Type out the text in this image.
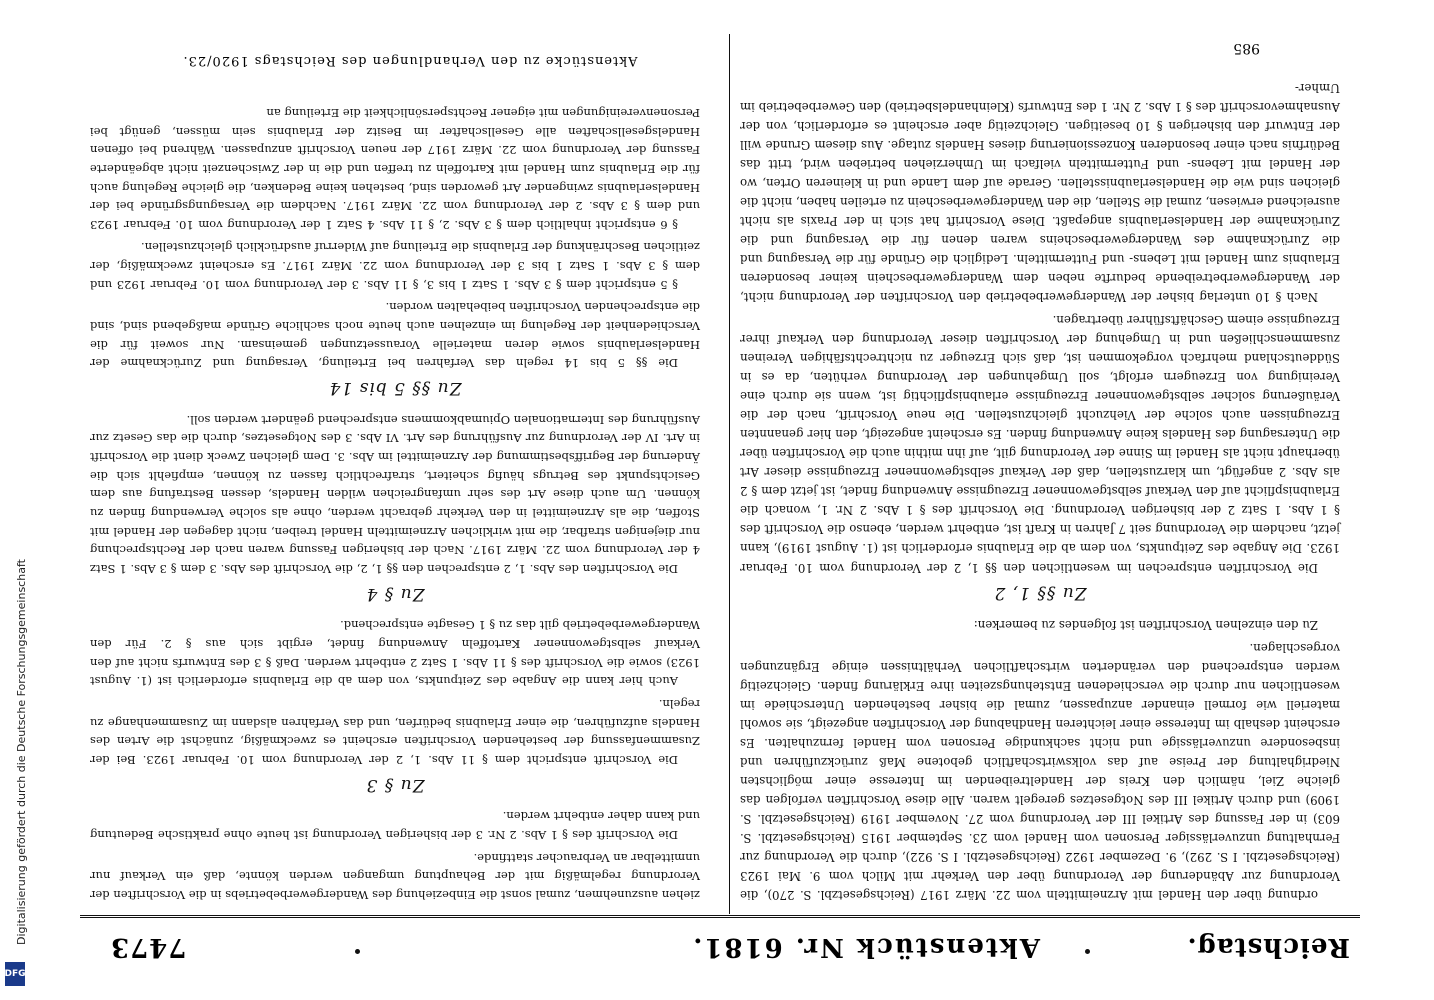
Reichstag.
Aktenstück Nr. 6181.
7473

ordnung über den Handel mit Arzneimitteln vom 22. März 1917 (Reichsgesetzbl. S. 270), die Verordnung zur Abänderung der Verordnung über den Verkehr mit Milch vom 9. Mai 1923 (Reichsgesetzbl. I S. 292), 9. Dezember 1922 (Reichsgesetzbl. I S. 922), durch die Verordnung zur Fernhaltung unzuverlässiger Personen vom Handel vom 23. September 1915 (Reichsgesetzbl. S. 603) in der Fassung des Artikel III der Verordnung vom 27. November 1919 (Reichsgesetzbl. S. 1909) und durch Artikel III des Notgesetzes geregelt waren. Alle diese Vorschriften verfolgen das gleiche Ziel, nämlich den Kreis der Handeltreibenden im Interesse einer möglichsten Niedrighaltung der Preise auf das volkswirtschaftlich gebotene Maß zurückzuführen und insbesondere unzuverlässige und nicht sachkundige Personen vom Handel fernzuhalten. Es erscheint deshalb im Interesse einer leichteren Handhabung der Vorschriften angezeigt, sie sowohl materiell wie formell einander anzupassen, zumal die bisher bestehenden Unterschiede im wesentlichen nur durch die verschiedenen Entstehungszeiten ihre Erklärung finden. Gleichzeitig werden entsprechend den veränderten wirtschaftlichen Verhältnissen einige Ergänzungen vorgeschlagen.

Zu den einzelnen Vorschriften ist folgendes zu bemerken:

Zu §§ 1, 2

Die Vorschriften entsprechen im wesentlichen den §§ 1, 2 der Verordnung vom 10. Februar 1923. Die Angabe des Zeitpunkts, von dem ab die Erlaubnis erforderlich ist (1. August 1919), kann jetzt, nachdem die Verordnung seit 7 Jahren in Kraft ist, entbehrt werden, ebenso die Vorschrift des § 1 Abs. 1 Satz 2 der bisherigen Verordnung. Die Vorschrift des § 1 Abs. 2 Nr. 1, wonach die Erlaubnispflicht auf den Verkauf selbstgewonnener Erzeugnisse Anwendung findet, ist jetzt dem § 2 als Abs. 2 angefügt, um klarzustellen, daß der Verkauf selbstgewonnener Erzeugnisse dieser Art überhaupt nicht als Handel im Sinne der Verordnung gilt, auf ihn mithin auch die Vorschriften über die Untersagung des Handels keine Anwendung finden. Es erscheint angezeigt, den hier genannten Erzeugnissen auch solche der Viehzucht gleichzustellen. Die neue Vorschrift, nach der die Veräußerung solcher selbstgewonnener Erzeugnisse erlaubnispflichtig ist, wenn sie durch eine Vereinigung von Erzeugern erfolgt, soll Umgehungen der Verordnung verhüten, da es in Süddeutschland mehrfach vorgekommen ist, daß sich Erzeuger zu nichtrechtsfähigen Vereinen zusammenschließen und in Umgehung der Vorschriften dieser Verordnung den Verkauf ihrer Erzeugnisse einem Geschäftsführer übertragen.

Nach § 10 unterlag bisher der Wandergewerbebetrieb den Vorschriften der Verordnung nicht, der Wandergewerbetreibende bedurfte neben dem Wandergewerbeschein keiner besonderen Erlaubnis zum Handel mit Lebens- und Futtermitteln. Lediglich die Gründe für die Versagung und die Zurücknahme des Wandergewerbescheins waren denen für die Versagung und die Zurücknahme der Handelserlaubnis angepaßt. Diese Vorschrift hat sich in der Praxis als nicht ausreichend erwiesen, zumal die Stellen, die den Wandergewerbeschein zu erteilen haben, nicht die gleichen sind wie die Handelserlaubnisstellen. Gerade auf dem Lande und in kleineren Orten, wo der Handel mit Lebens- und Futtermitteln vielfach im Umherziehen betrieben wird, tritt das Bedürfnis nach einer besonderen Konzessionierung dieses Handels zutage. Aus diesem Grunde will der Entwurf den bisherigen § 10 beseitigen. Gleichzeitig aber erscheint es erforderlich, von der Ausnahmevorschrift des § 1 Abs. 2 Nr. 1 des Entwurfs (Kleinhandelsbetrieb) den Gewerbebetrieb im Umher-

ziehen auszunehmen, zumal sonst die Einbeziehung des Wandergewerbebetriebs in die Vorschriften der Verordnung regelmäßig mit der Behauptung umgangen werden könnte, daß ein Verkauf nur unmittelbar an Verbraucher stattfinde.

Die Vorschrift des § 1 Abs. 2 Nr. 3 der bisherigen Verordnung ist heute ohne praktische Bedeutung und kann daher entbehrt werden.

Zu § 3

Die Vorschrift entspricht dem § 11 Abs. 1, 2 der Verordnung vom 10. Februar 1923. Bei der Zusammenfassung der bestehenden Vorschriften erscheint es zweckmäßig, zunächst die Arten des Handels aufzuführen, die einer Erlaubnis bedürfen, und das Verfahren alsdann im Zusammenhange zu regeln.

Auch hier kann die Angabe des Zeitpunkts, von dem ab die Erlaubnis erforderlich ist (1. August 1923) sowie die Vorschrift des § 11 Abs. 1 Satz 2 entbehrt werden. Daß § 3 des Entwurfs nicht auf den Verkauf selbstgewonnener Kartoffeln Anwendung findet, ergibt sich aus § 2. Für den Wandergewerbebetrieb gilt das zu § 1 Gesagte entsprechend.

Zu § 4

Die Vorschriften des Abs. 1, 2 entsprechen den §§ 1, 2, die Vorschrift des Abs. 3 dem § 3 Abs. 1 Satz 4 der Verordnung vom 22. März 1917. Nach der bisherigen Fassung waren nach der Rechtsprechung nur diejenigen strafbar, die mit wirklichen Arzneimitteln Handel treiben, nicht dagegen der Handel mit Stoffen, die als Arzneimittel in den Verkehr gebracht werden, ohne als solche Verwendung finden zu können. Um auch diese Art des sehr umfangreichen wilden Handels, dessen Bestrafung aus dem Gesichtspunkt des Betrugs häufig scheitert, strafrechtlich fassen zu können, empfiehlt sich die Änderung der Begriffsbestimmung der Arzneimittel im Abs. 3. Dem gleichen Zweck dient die Vorschrift in Art. IV der Verordnung zur Ausführung des Art. VI Abs. 3 des Notgesetzes, durch die das Gesetz zur Ausführung des Internationalen Opiumabkommens entsprechend geändert werden soll.

Zu §§ 5 bis 14

Die §§ 5 bis 14 regeln das Verfahren bei Erteilung, Versagung und Zurücknahme der Handelserlaubnis sowie deren materielle Voraussetzungen gemeinsam. Nur soweit für die Verschiedenheit der Regelung im einzelnen auch heute noch sachliche Gründe maßgebend sind, sind die entsprechenden Vorschriften beibehalten worden.

§ 5 entspricht dem § 3 Abs. 1 Satz 1 bis 3, § 11 Abs. 3 der Verordnung vom 10. Februar 1923 und dem § 3 Abs. 1 Satz 1 bis 3 der Verordnung vom 22. März 1917. Es erscheint zweckmäßig, der zeitlichen Beschränkung der Erlaubnis die Erteilung auf Widerruf ausdrücklich gleichzustellen.

§ 6 entspricht inhaltlich dem § 3 Abs. 2, § 11 Abs. 4 Satz 1 der Verordnung vom 10. Februar 1923 und dem § 3 Abs. 2 der Verordnung vom 22. März 1917. Nachdem die Versagungsgründe bei der Handelserlaubnis zwingender Art geworden sind, bestehen keine Bedenken, die gleiche Regelung auch für die Erlaubnis zum Handel mit Kartoffeln zu treffen und die in der Zwischenzeit nicht abgeänderte Fassung der Verordnung vom 22. März 1917 der neuen Vorschrift anzupassen. Während bei offenen Handelsgesellschaften alle Gesellschafter im Besitz der Erlaubnis sein müssen, genügt bei Personenvereinigungen mit eigener Rechtspersönlichkeit die Erteilung an

Aktenstücke zu den Verhandlungen des Reichstags 1920/23.
985
Digitalisierung gefördert durch die Deutsche Forschungsgemeinschaft
DFG
